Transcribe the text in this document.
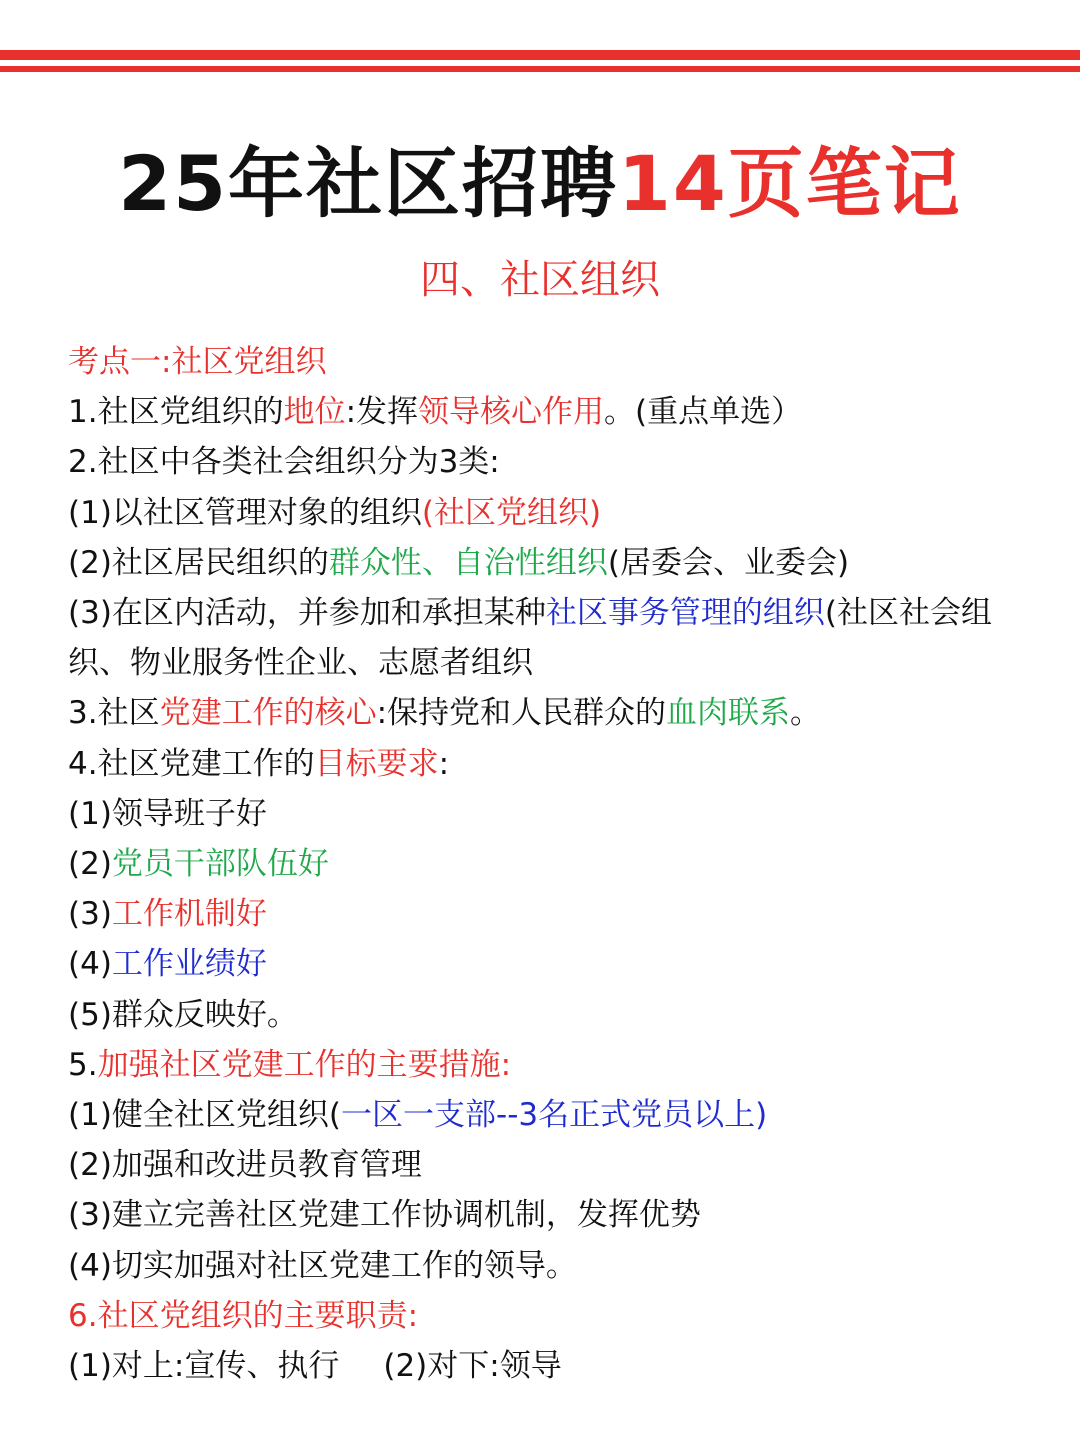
25年社区招聘14页笔记
四、社区组织
考点一:社区党组织
1.社区党组织的地位:发挥领导核心作用。(重点单选）
2.社区中各类社会组织分为3类:
(1)以社区管理对象的组织(社区党组织)
(2)社区居民组织的群众性、自治性组织(居委会、业委会)
(3)在区内活动，并参加和承担某种社区事务管理的组织(社区社会组织、物业服务性企业、志愿者组织
3.社区党建工作的核心:保持党和人民群众的血肉联系。
4.社区党建工作的目标要求:
(1)领导班子好
(2)党员干部队伍好
(3)工作机制好
(4)工作业绩好
(5)群众反映好。
5.加强社区党建工作的主要措施:
(1)健全社区党组织(一区一支部--3名正式党员以上)
(2)加强和改进员教育管理
(3)建立完善社区党建工作协调机制，发挥优势
(4)切实加强对社区党建工作的领导。
6.社区党组织的主要职责:
(1)对上:宣传、执行 (2)对下:领导
